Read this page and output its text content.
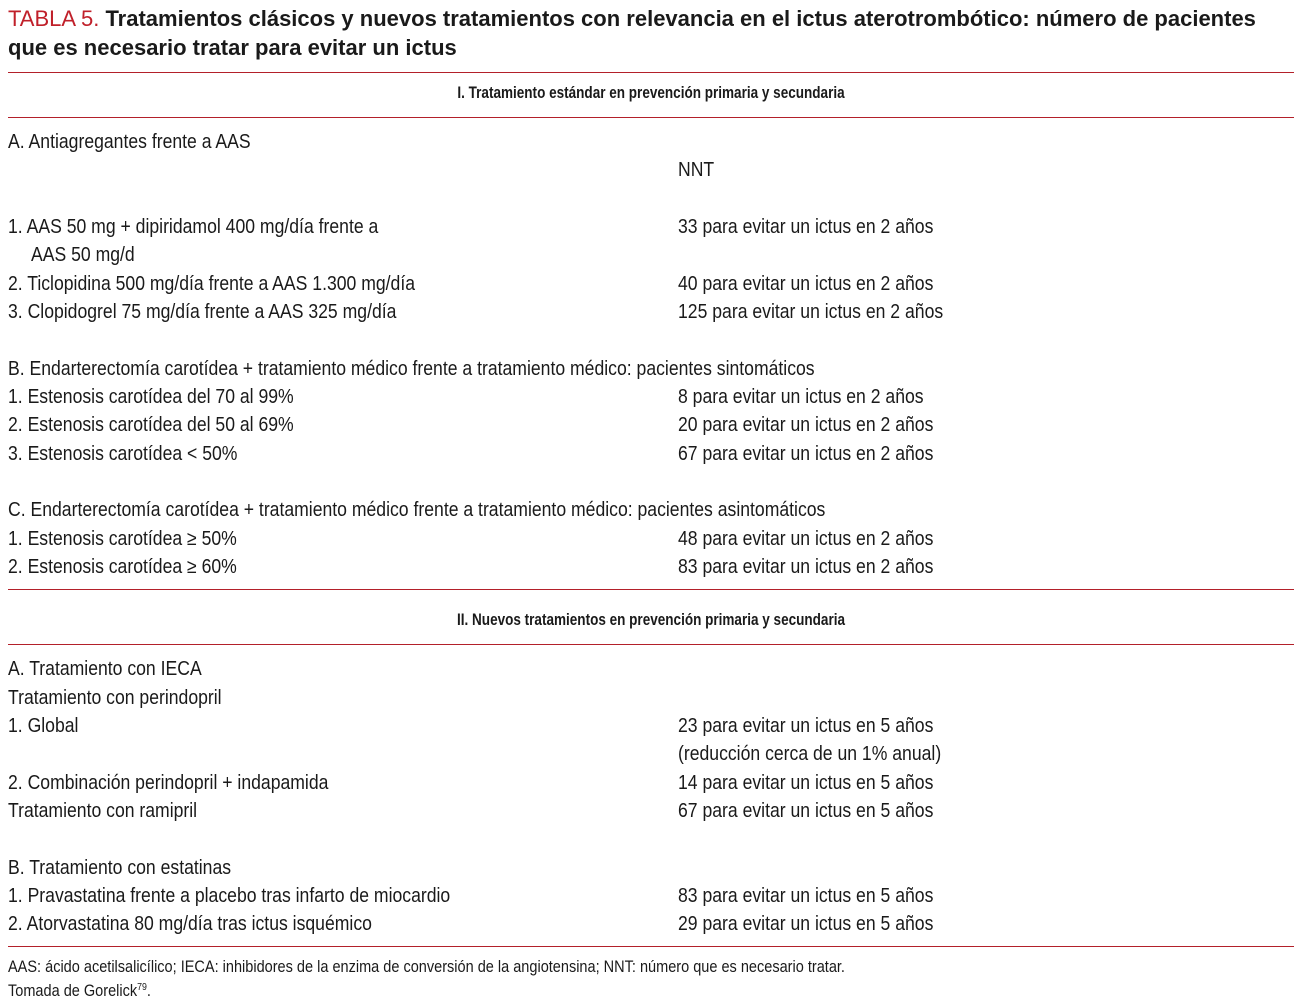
TABLA 5. Tratamientos clásicos y nuevos tratamientos con relevancia en el ictus aterotrombótico: número de pacientes que es necesario tratar para evitar un ictus
I. Tratamiento estándar en prevención primaria y secundaria
A. Antiagregantes frente a AAS
NNT
1. AAS 50 mg + dipiridamol 400 mg/día frente a	33 para evitar un ictus en 2 años
AAS 50 mg/d
2. Ticlopidina 500 mg/día frente a AAS 1.300 mg/día	40 para evitar un ictus en 2 años
3. Clopidogrel 75 mg/día frente a AAS 325 mg/día	125 para evitar un ictus en 2 años
B. Endarterectomía carotídea + tratamiento médico frente a tratamiento médico: pacientes sintomáticos
1. Estenosis carotídea del 70 al 99%	8 para evitar un ictus en 2 años
2. Estenosis carotídea del 50 al 69%	20 para evitar un ictus en 2 años
3. Estenosis carotídea < 50%	67 para evitar un ictus en 2 años
C. Endarterectomía carotídea + tratamiento médico frente a tratamiento médico: pacientes asintomáticos
1. Estenosis carotídea ≥ 50%	48 para evitar un ictus en 2 años
2. Estenosis carotídea ≥ 60%	83 para evitar un ictus en 2 años
II. Nuevos tratamientos en prevención primaria y secundaria
A. Tratamiento con IECA
Tratamiento con perindopril
1. Global	23 para evitar un ictus en 5 años
(reducción cerca de un 1% anual)
2. Combinación perindopril + indapamida	14 para evitar un ictus en 5 años
Tratamiento con ramipril	67 para evitar un ictus en 5 años
B. Tratamiento con estatinas
1. Pravastatina frente a placebo tras infarto de miocardio	83 para evitar un ictus en 5 años
2. Atorvastatina 80 mg/día tras ictus isquémico	29 para evitar un ictus en 5 años
AAS: ácido acetilsalicílico; IECA: inhibidores de la enzima de conversión de la angiotensina; NNT: número que es necesario tratar.
Tomada de Gorelick$^{79}$.
